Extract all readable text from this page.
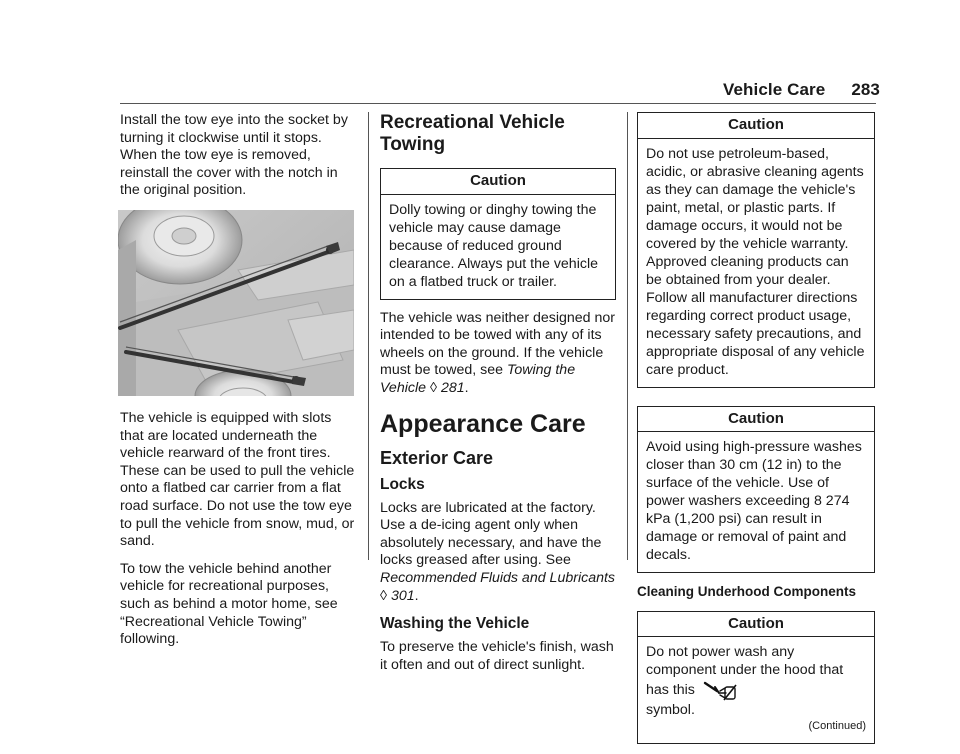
Vehicle Care 283

Install the tow eye into the socket by turning it clockwise until it stops. When the tow eye is removed, reinstall the cover with the notch in the original position.

The vehicle is equipped with slots that are located underneath the vehicle rearward of the front tires. These can be used to pull the vehicle onto a flatbed car carrier from a flat road surface. Do not use the tow eye to pull the vehicle from snow, mud, or sand.

To tow the vehicle behind another vehicle for recreational purposes, such as behind a motor home, see “Recreational Vehicle Towing” following.

Recreational Vehicle Towing
Caution
Dolly towing or dinghy towing the vehicle may cause damage because of reduced ground clearance. Always put the vehicle on a flatbed truck or trailer.

The vehicle was neither designed nor intended to be towed with any of its wheels on the ground. If the vehicle must be towed, see Towing the Vehicle ◊ 281.

Appearance Care
Exterior Care
Locks

Locks are lubricated at the factory. Use a de-icing agent only when absolutely necessary, and have the locks greased after using. See Recommended Fluids and Lubricants ◊ 301.

Washing the Vehicle

To preserve the vehicle's finish, wash it often and out of direct sunlight.

Caution
Do not use petroleum-based, acidic, or abrasive cleaning agents as they can damage the vehicle's paint, metal, or plastic parts. If damage occurs, it would not be covered by the vehicle warranty. Approved cleaning products can be obtained from your dealer. Follow all manufacturer directions regarding correct product usage, necessary safety precautions, and appropriate disposal of any vehicle care product.
Caution
Avoid using high-pressure washes closer than 30 cm (12 in) to the surface of the vehicle. Use of power washers exceeding 8 274 kPa (1,200 psi) can result in damage or removal of paint and decals.
Cleaning Underhood Components
Caution
Do not power wash any component under the hood that has this
symbol.
(Continued)
